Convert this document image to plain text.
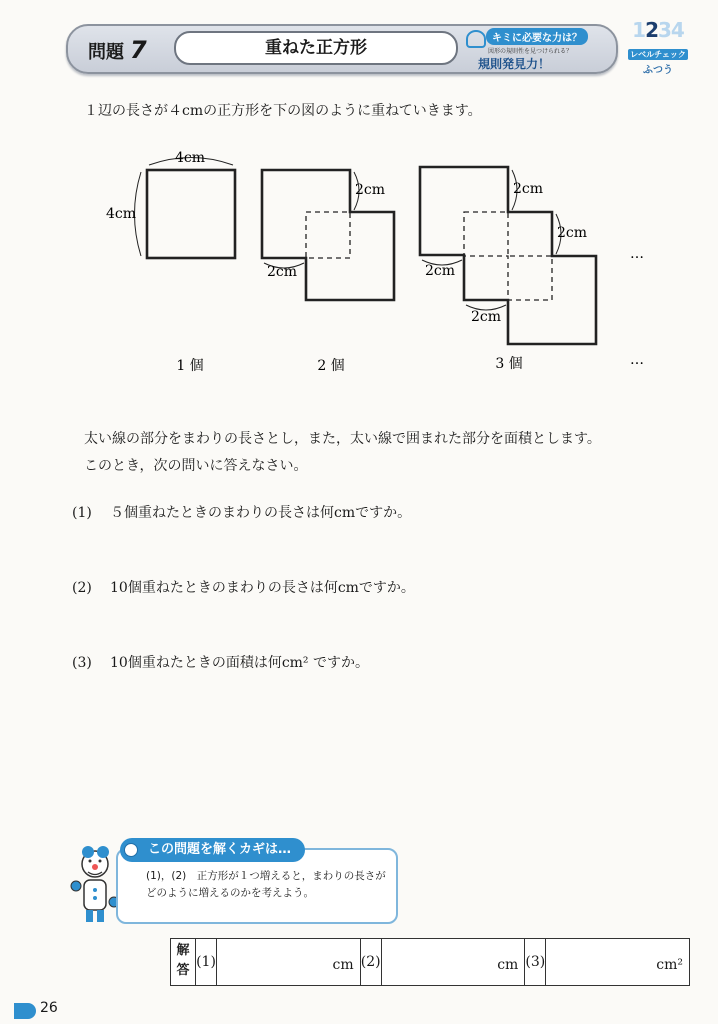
問題 7	重ねた正方形	キミに必要な力は？
図形の規則性を見つけられる？
規則発見力！
1234
レベルチェック
ふつう
１辺の長さが４cmの正方形を下の図のように重ねていきます。
4cm
4cm
2cm
2cm
2cm
2cm
2cm
2cm
…
…
1 個	2 個	3 個
太い線の部分をまわりの長さとし，また，太い線で囲まれた部分を面積とします。
このとき，次の問いに答えなさい。
(1) ５個重ねたときのまわりの長さは何cmですか。
(2) 10個重ねたときのまわりの長さは何cmですか。
(3) 10個重ねたときの面積は何cm² ですか。
この問題を解くカギは…
(1)，(2)　正方形が１つ増えると，まわりの長さがどのように増えるのかを考えよう。
解答
(1)	cm (2)	cm (3)	cm²
26
